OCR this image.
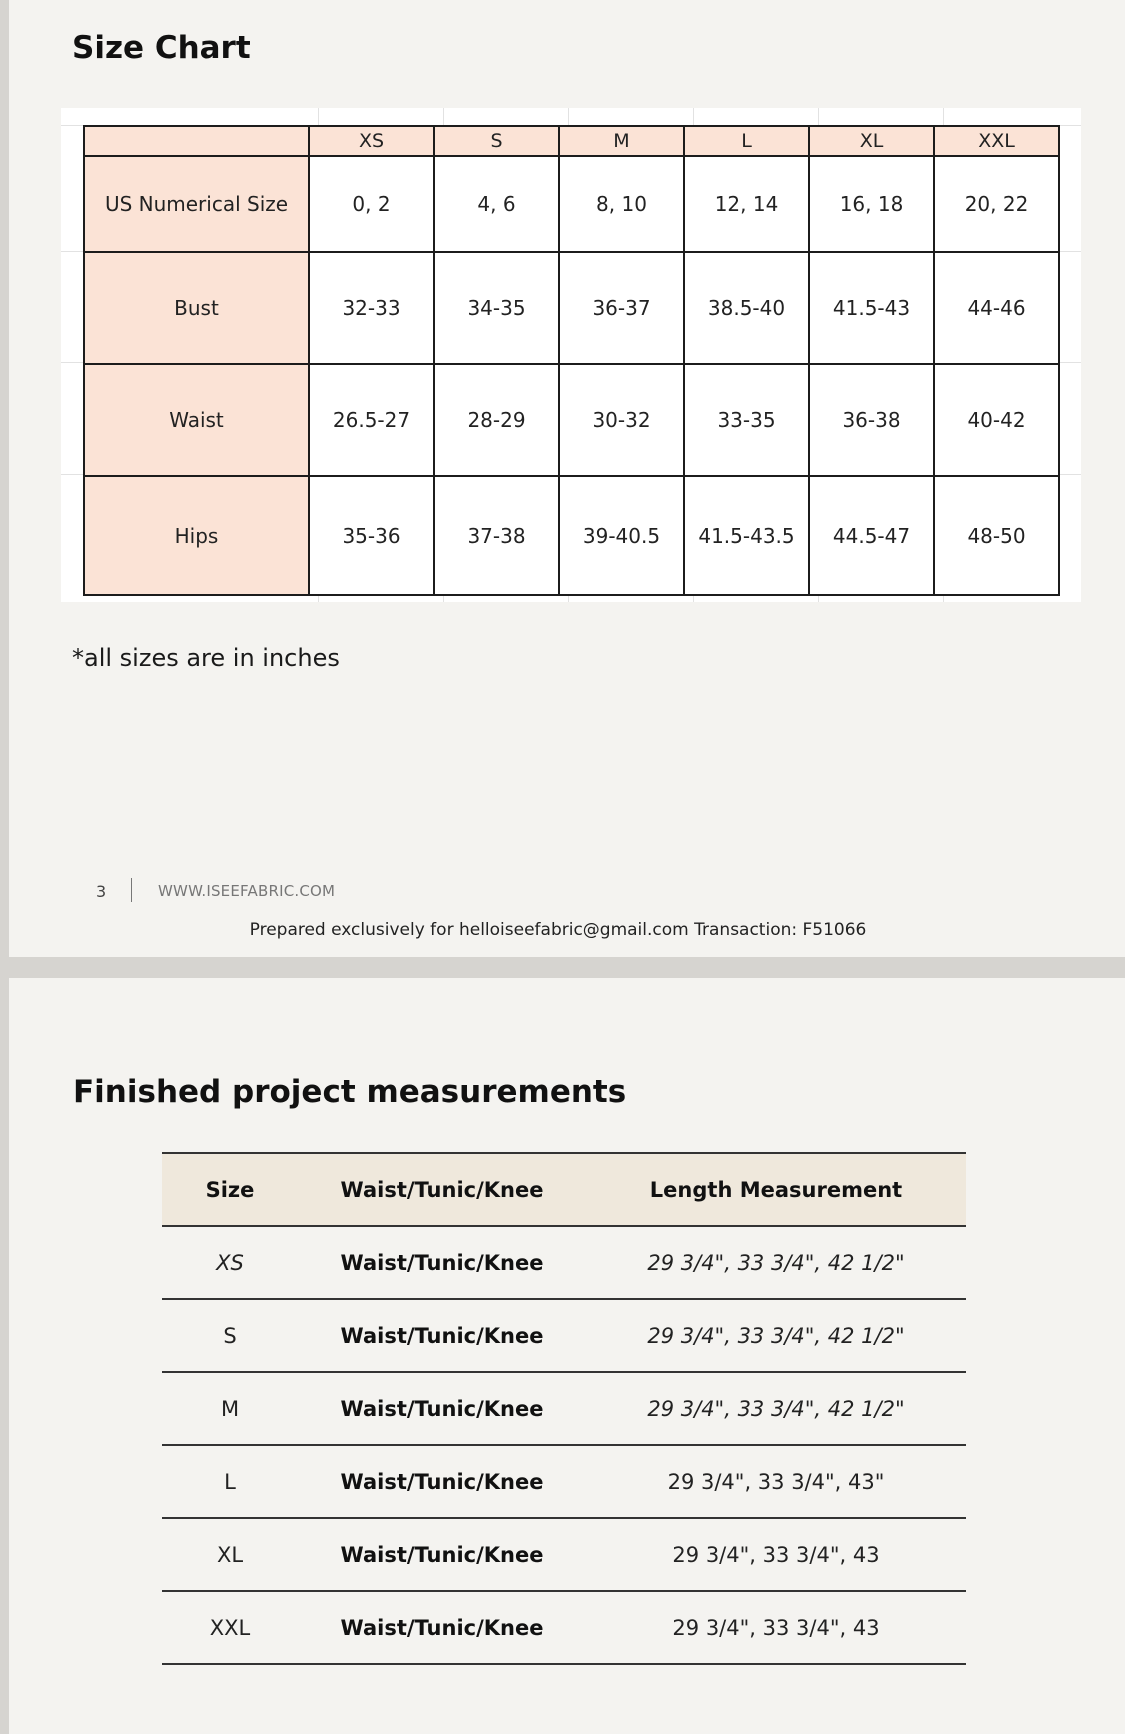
Size Chart
	XS	S	M	L	XL	XXL
US Numerical Size	0, 2	4, 6	8, 10	12, 14	16, 18	20, 22
Bust	32-33	34-35	36-37	38.5-40	41.5-43	44-46
Waist	26.5-27	28-29	30-32	33-35	36-38	40-42
Hips	35-36	37-38	39-40.5	41.5-43.5	44.5-47	48-50
*all sizes are in inches
3	WWW.ISEEFABRIC.COM
Prepared exclusively for helloiseefabric@gmail.com Transaction: F51066
Finished project measurements
Size	Waist/Tunic/Knee	Length Measurement
XS	Waist/Tunic/Knee	29 3/4", 33 3/4", 42 1/2"
S	Waist/Tunic/Knee	29 3/4", 33 3/4", 42 1/2"
M	Waist/Tunic/Knee	29 3/4", 33 3/4", 42 1/2"
L	Waist/Tunic/Knee	29 3/4", 33 3/4", 43"
XL	Waist/Tunic/Knee	29 3/4", 33 3/4", 43
XXL	Waist/Tunic/Knee	29 3/4", 33 3/4", 43
